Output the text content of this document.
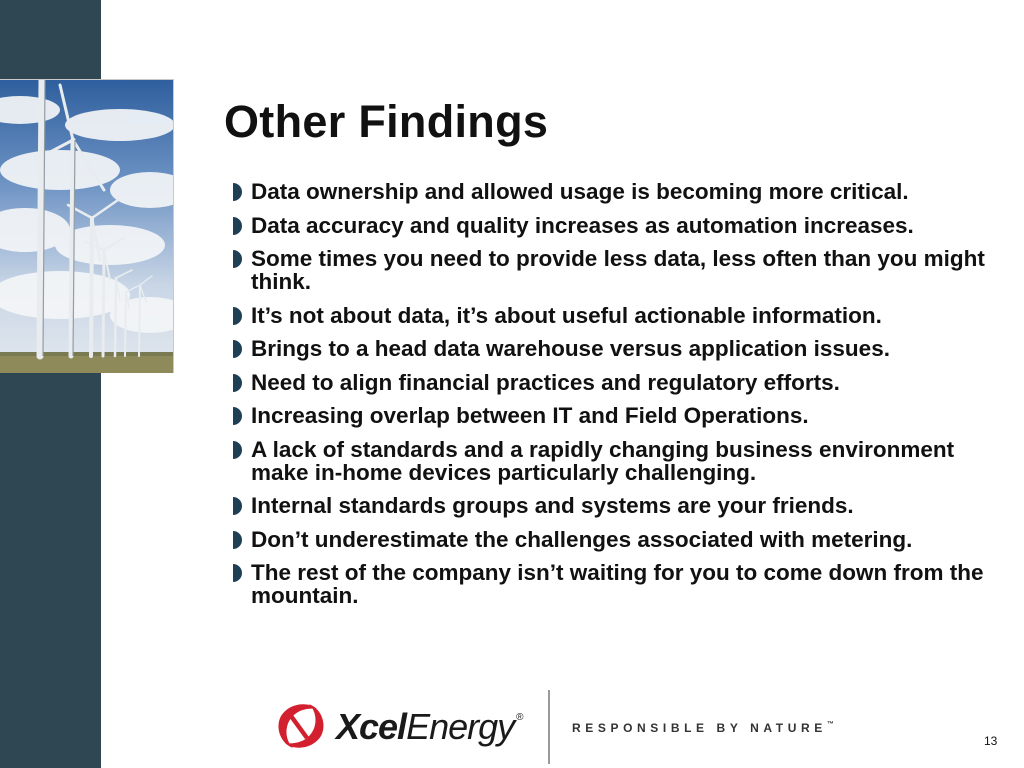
Other Findings
Data ownership and allowed usage is becoming more critical.
Data accuracy and quality increases as automation increases.
Some times you need to provide less data, less often than you might think.
It’s not about data, it’s about useful actionable information.
Brings to a head data warehouse versus application issues.
Need to align financial practices and regulatory efforts.
Increasing overlap between IT and Field Operations.
A lack of standards and a rapidly changing business environment make in-home devices particularly challenging.
Internal standards groups and systems are your friends.
Don’t underestimate the challenges associated with metering.
The rest of the company isn’t waiting for you to come down from the mountain.
XcelEnergy ®
RESPONSIBLE BY NATURE™
13
